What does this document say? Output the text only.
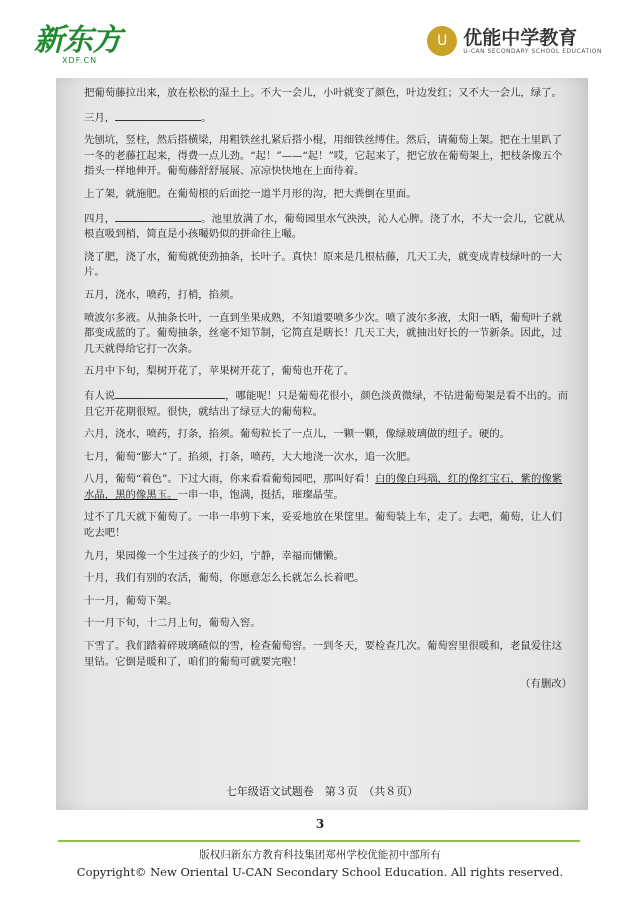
新东方
XDF.CN
U 优能中学教育
U-CAN SECONDARY SCHOOL EDUCATION

把葡萄藤拉出来，放在松松的湿土上。不大一会儿，小叶就变了颜色，叶边发红；又不大一会儿，绿了。

三月，	。

先刨坑，竖柱，然后搭横梁，用粗铁丝扎紧后搭小棍，用细铁丝缚住。然后，请葡萄上架。把在土里趴了一冬的老藤扛起来，得费一点儿劲。“起！”——“起！”哎，它起来了，把它放在葡萄架上，把枝条像五个指头一样地伸开。葡萄藤舒舒展展、凉凉快快地在上面待着。

上了架，就施肥。在葡萄根的后面挖一道半月形的沟，把大粪倒在里面。

四月，	。池里放满了水，葡萄园里水气泱泱，沁人心脾。浇了水，不大一会儿，它就从根直吸到梢，简直是小孩嘬奶似的拼命往上嘬。

浇了肥，浇了水，葡萄就使劲抽条，长叶子。真快！原来是几根枯藤，几天工夫，就变成青枝绿叶的一大片。

五月，浇水，喷药，打梢，掐须。

喷波尔多液。从抽条长叶，一直到坐果成熟，不知道要喷多少次。喷了波尔多液，太阳一晒，葡萄叶子就都变成蓝的了。葡萄抽条，丝毫不知节制，它简直是瞎长！几天工夫，就抽出好长的一节新条。因此，过几天就得给它打一次条。

五月中下旬，梨树开花了，苹果树开花了，葡萄也开花了。

有人说	，哪能呢！只是葡萄花很小，颜色淡黄微绿，不钻进葡萄架是看不出的。而且它开花期很短。很快，就结出了绿豆大的葡萄粒。

六月，浇水，喷药，打条，掐须。葡萄粒长了一点儿，一颗一颗，像绿玻璃做的纽子。硬的。

七月，葡萄“膨大”了。掐须，打条，喷药，大大地浇一次水，追一次肥。

八月，葡萄“着色”。下过大雨，你来看看葡萄园吧，那叫好看！白的像白玛瑙，红的像红宝石，紫的像紫水晶，黑的像黑玉。一串一串，饱满，挺括，璀璨晶莹。

过不了几天就下葡萄了。一串一串剪下来，妥妥地放在果筐里。葡萄装上车，走了。去吧，葡萄，让人们吃去吧！

九月，果园像一个生过孩子的少妇，宁静，幸福而慵懒。

十月，我们有别的农活，葡萄，你愿意怎么长就怎么长着吧。

十一月，葡萄下架。

十一月下旬，十二月上旬，葡萄入窖。

下雪了。我们踏着碎玻璃碴似的雪，检查葡萄窖。一到冬天，要检查几次。葡萄窖里很暖和，老鼠爱往这里钻。它倒是暖和了，咱们的葡萄可就要完啦！

（有删改）

七年级语文试题卷　第３页　（共８页）
3
版权归新东方教育科技集团郑州学校优能初中部所有
Copyright© New Oriental U-CAN Secondary School Education. All rights reserved.
